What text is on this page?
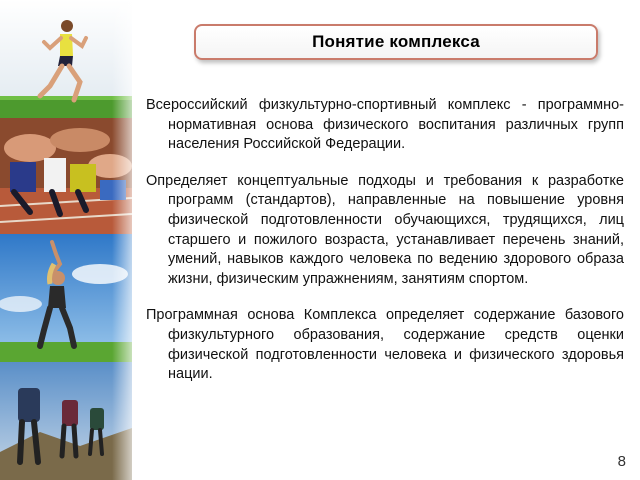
Понятие комплекса

Всероссийский физкультурно-спортивный комплекс - программно-нормативная основа физического воспитания различных групп населения Российской Федерации.

Определяет концептуальные подходы и требования к разработке программ (стандартов), направленные на повышение уровня физической подготовленности обучающихся, трудящихся, лиц старшего и пожилого возраста, устанавливает перечень знаний, умений, навыков каждого человека по ведению здорового образа жизни, физическим упражнениям, занятиям спортом.

Программная основа Комплекса определяет содержание базового физкультурного образования, содержание средств оценки физической подготовленности человека и физического здоровья нации.

8
